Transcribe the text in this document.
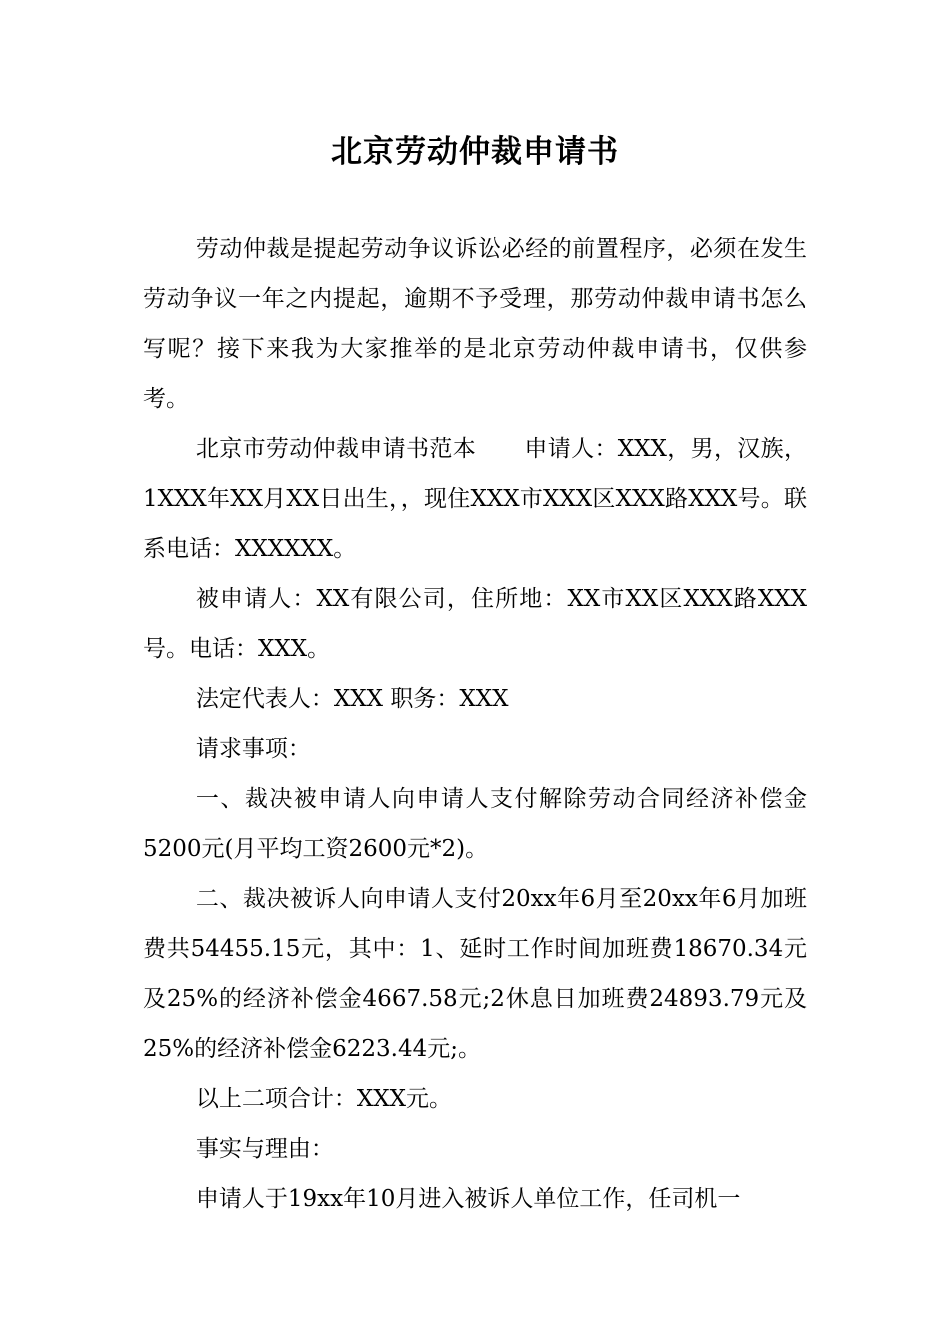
北京劳动仲裁申请书

劳动仲裁是提起劳动争议诉讼必经的前置程序，必须在发生劳动争议一年之内提起，逾期不予受理，那劳动仲裁申请书怎么写呢？接下来我为大家推举的是北京劳动仲裁申请书，仅供参考。

北京市劳动仲裁申请书范本 申请人：XXX，男，汉族，1XXX年XX月XX日出生，，现住XXX市XXX区XXX路XXX号。联系电话：XXXXXX。

被申请人：XX有限公司，住所地：XX市XX区XXX路XXX号。电话：XXX。

法定代表人：XXX 职务：XXX

请求事项：

一、裁决被申请人向申请人支付解除劳动合同经济补偿金5200元(月平均工资2600元*2)。

二、裁决被诉人向申请人支付20xx年6月至20xx年6月加班费共54455.15元，其中：1、延时工作时间加班费18670.34元及25%的经济补偿金4667.58元;2休息日加班费24893.79元及25%的经济补偿金6223.44元;。

以上二项合计：XXX元。

事实与理由：

申请人于19xx年10月进入被诉人单位工作，任司机一
